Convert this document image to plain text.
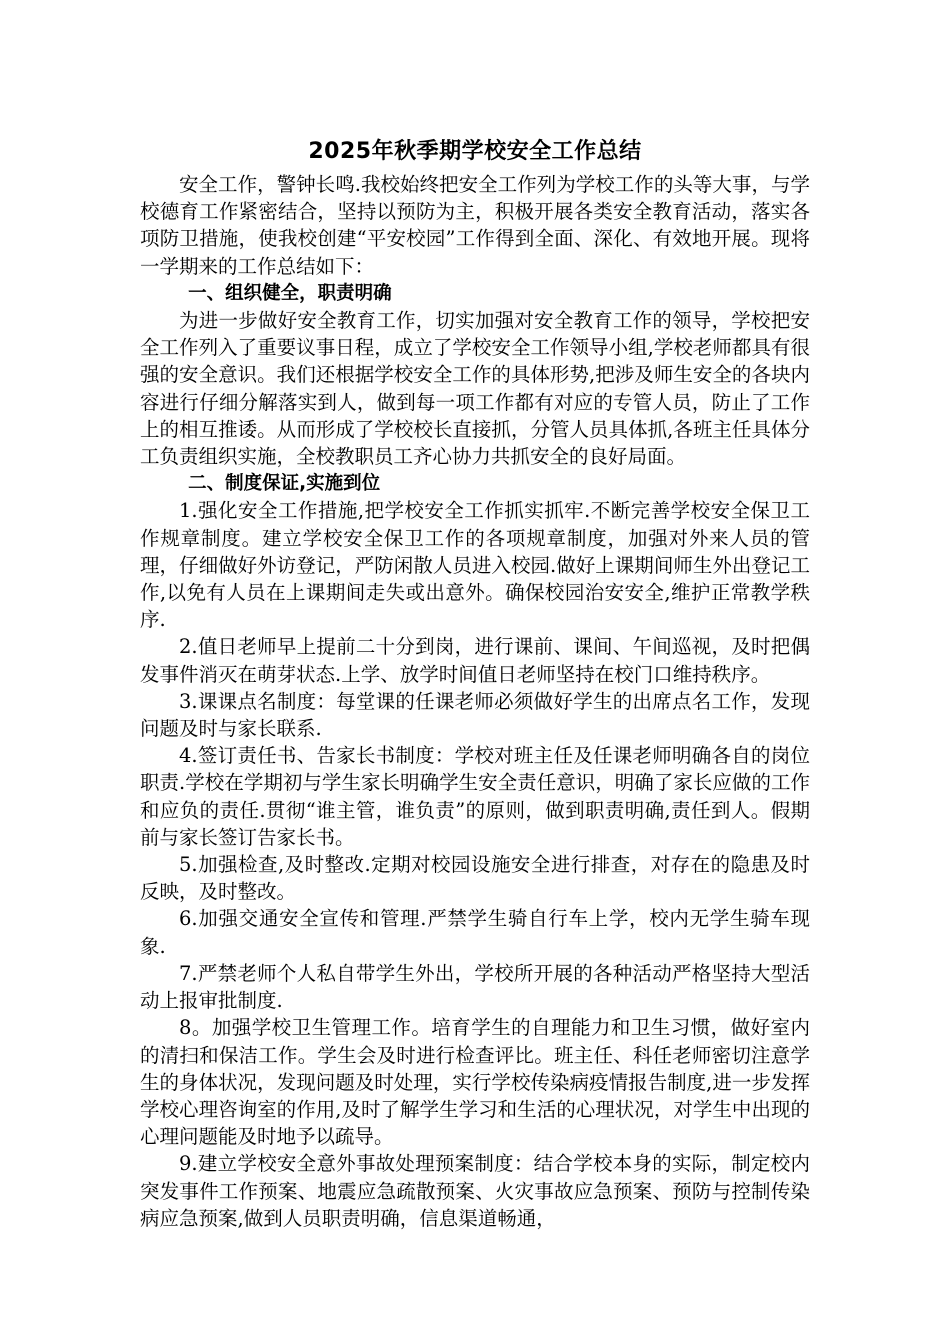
2025年秋季期学校安全工作总结

安全工作，警钟长鸣.我校始终把安全工作列为学校工作的头等大事，与学校德育工作紧密结合，坚持以预防为主，积极开展各类安全教育活动，落实各项防卫措施，使我校创建“平安校园”工作得到全面、深化、有效地开展。现将一学期来的工作总结如下：

一、组织健全，职责明确

为进一步做好安全教育工作，切实加强对安全教育工作的领导，学校把安全工作列入了重要议事日程，成立了学校安全工作领导小组,学校老师都具有很强的安全意识。我们还根据学校安全工作的具体形势,把涉及师生安全的各块内容进行仔细分解落实到人，做到每一项工作都有对应的专管人员，防止了工作上的相互推诿。从而形成了学校校长直接抓，分管人员具体抓,各班主任具体分工负责组织实施，全校教职员工齐心协力共抓安全的良好局面。

二、制度保证,实施到位

1.强化安全工作措施,把学校安全工作抓实抓牢.不断完善学校安全保卫工作规章制度。建立学校安全保卫工作的各项规章制度，加强对外来人员的管理，仔细做好外访登记，严防闲散人员进入校园.做好上课期间师生外出登记工作,以免有人员在上课期间走失或出意外。确保校园治安安全,维护正常教学秩序.

2.值日老师早上提前二十分到岗，进行课前、课间、午间巡视，及时把偶发事件消灭在萌芽状态.上学、放学时间值日老师坚持在校门口维持秩序。

3.课课点名制度：每堂课的任课老师必须做好学生的出席点名工作，发现问题及时与家长联系.

4.签订责任书、告家长书制度：学校对班主任及任课老师明确各自的岗位职责.学校在学期初与学生家长明确学生安全责任意识，明确了家长应做的工作和应负的责任.贯彻“谁主管，谁负责”的原则，做到职责明确,责任到人。假期前与家长签订告家长书。

5.加强检查,及时整改.定期对校园设施安全进行排查，对存在的隐患及时反映，及时整改。

6.加强交通安全宣传和管理.严禁学生骑自行车上学，校内无学生骑车现象.

7.严禁老师个人私自带学生外出，学校所开展的各种活动严格坚持大型活动上报审批制度.

8。加强学校卫生管理工作。培育学生的自理能力和卫生习惯，做好室内的清扫和保洁工作。学生会及时进行检查评比。班主任、科任老师密切注意学生的身体状况，发现问题及时处理，实行学校传染病疫情报告制度,进一步发挥学校心理咨询室的作用,及时了解学生学习和生活的心理状况，对学生中出现的心理问题能及时地予以疏导。

9.建立学校安全意外事故处理预案制度：结合学校本身的实际，制定校内突发事件工作预案、地震应急疏散预案、火灾事故应急预案、预防与控制传染病应急预案,做到人员职责明确，信息渠道畅通，
